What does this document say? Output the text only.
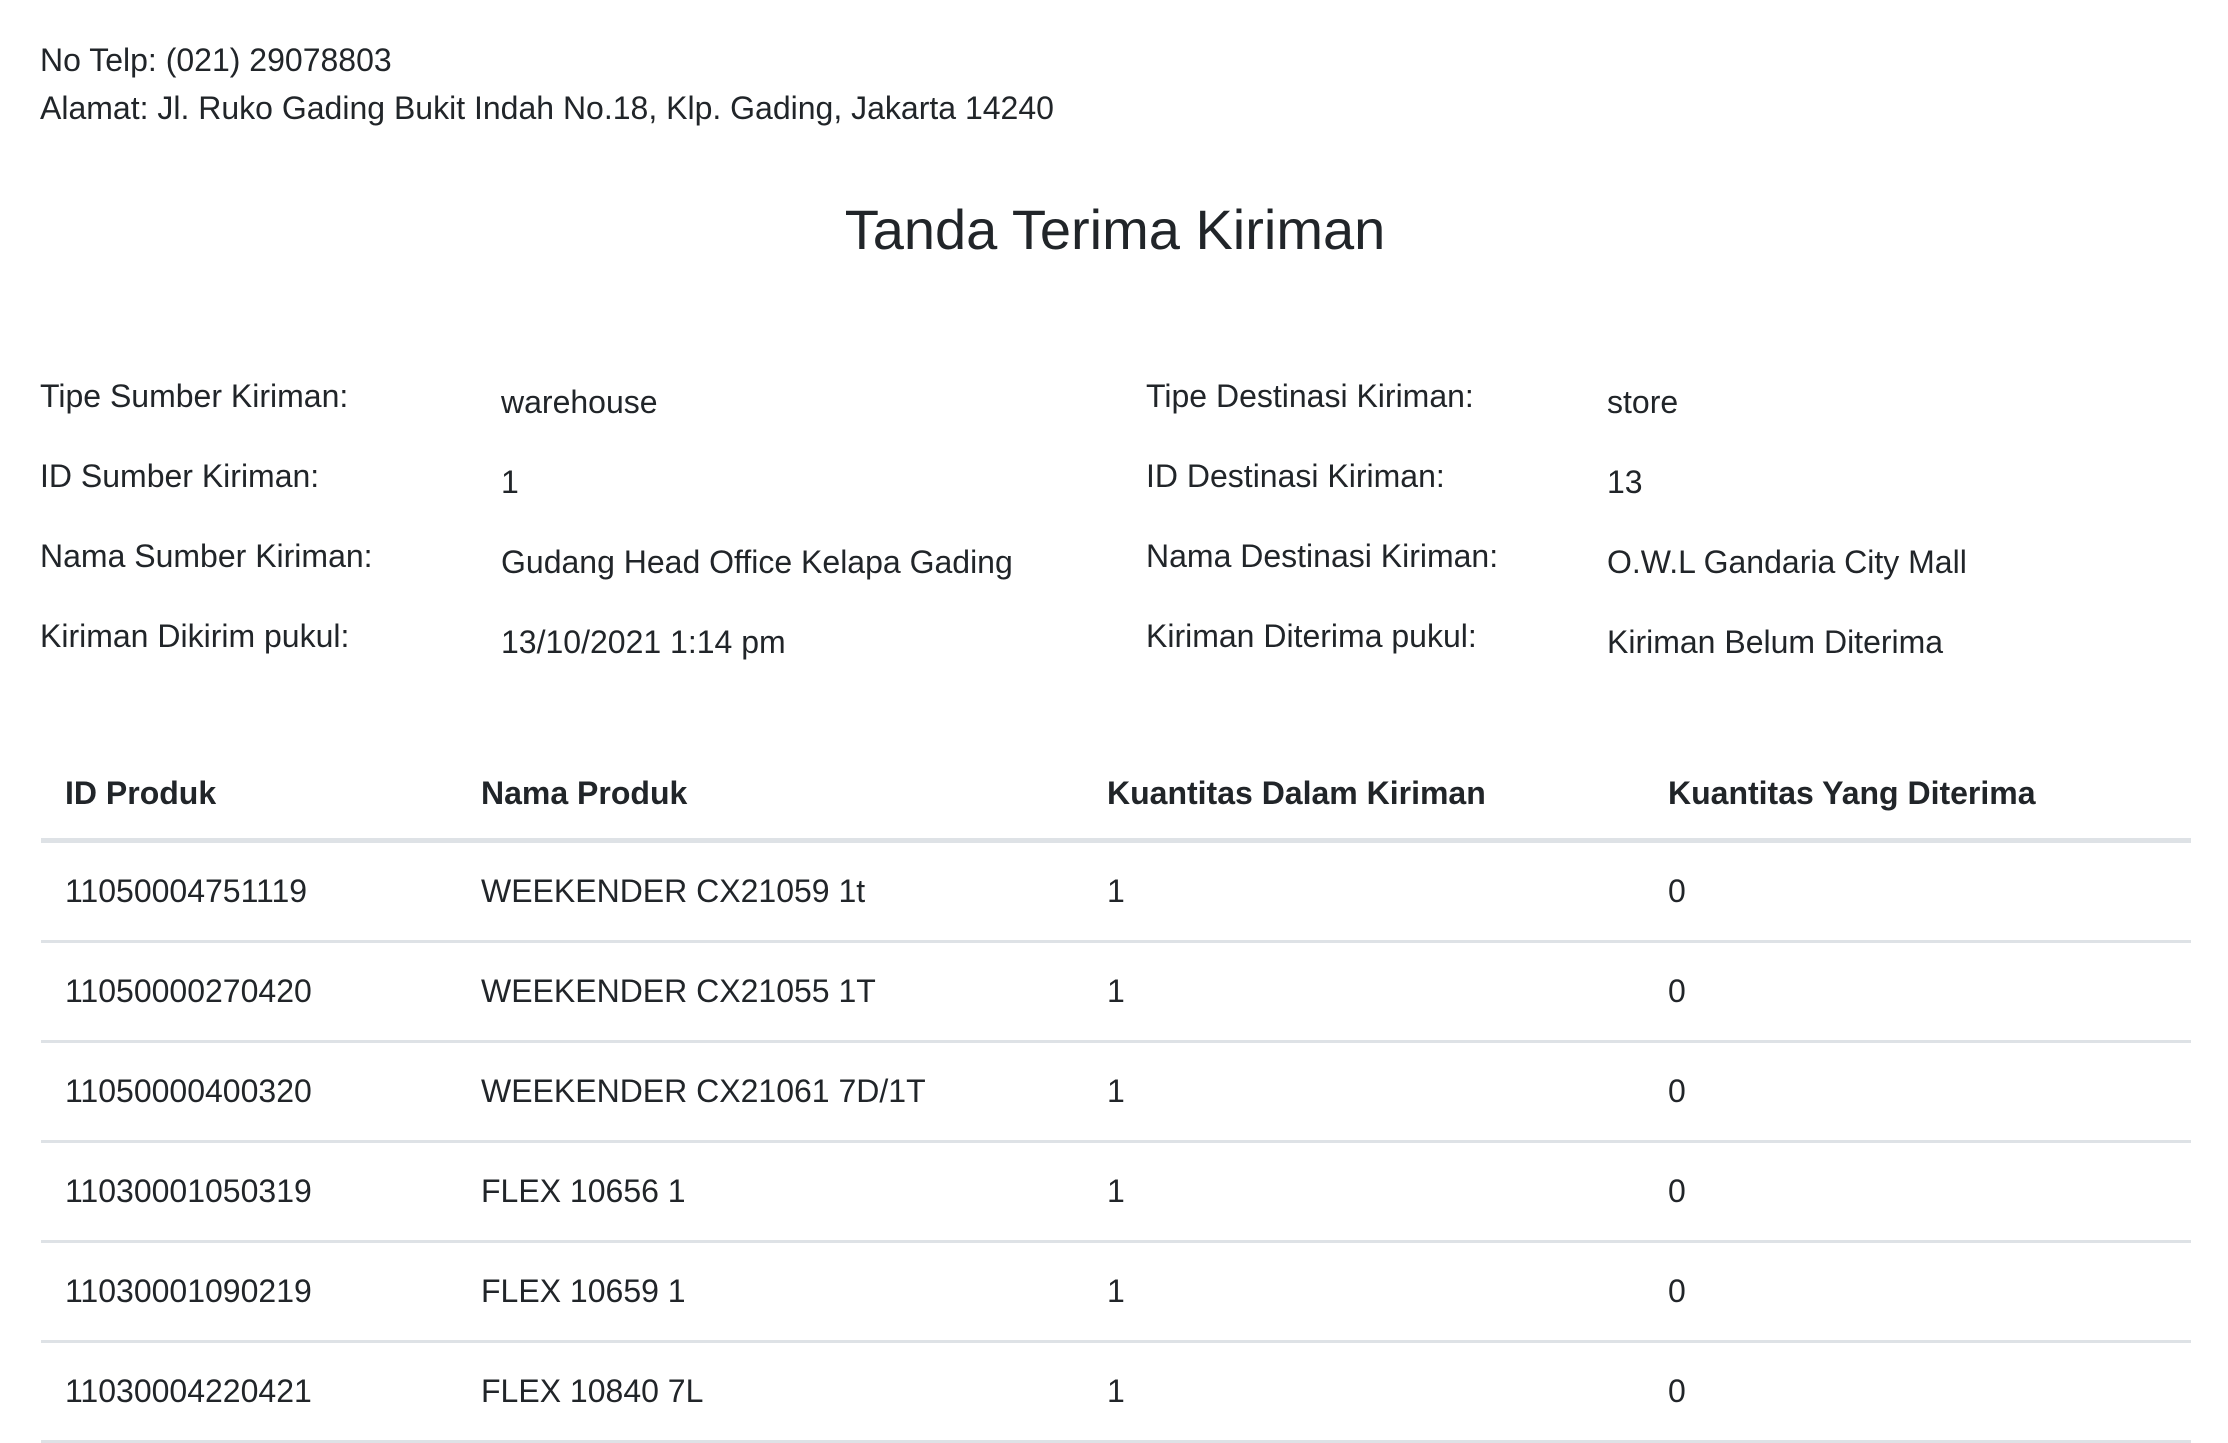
No Telp: (021) 29078803
Alamat: Jl. Ruko Gading Bukit Indah No.18, Klp. Gading, Jakarta 14240
Tanda Terima Kiriman
Tipe Sumber Kiriman:	warehouse
ID Sumber Kiriman:	1
Nama Sumber Kiriman:	Gudang Head Office Kelapa Gading
Kiriman Dikirim pukul:	13/10/2021 1:14 pm
Tipe Destinasi Kiriman:	store
ID Destinasi Kiriman:	13
Nama Destinasi Kiriman:	O.W.L Gandaria City Mall
Kiriman Diterima pukul:	Kiriman Belum Diterima
ID Produk	Nama Produk	Kuantitas Dalam Kiriman	Kuantitas Yang Diterima
11050004751119	WEEKENDER CX21059 1t	1	0
11050000270420	WEEKENDER CX21055 1T	1	0
11050000400320	WEEKENDER CX21061 7D/1T	1	0
11030001050319	FLEX 10656 1	1	0
11030001090219	FLEX 10659 1	1	0
11030004220421	FLEX 10840 7L	1	0
